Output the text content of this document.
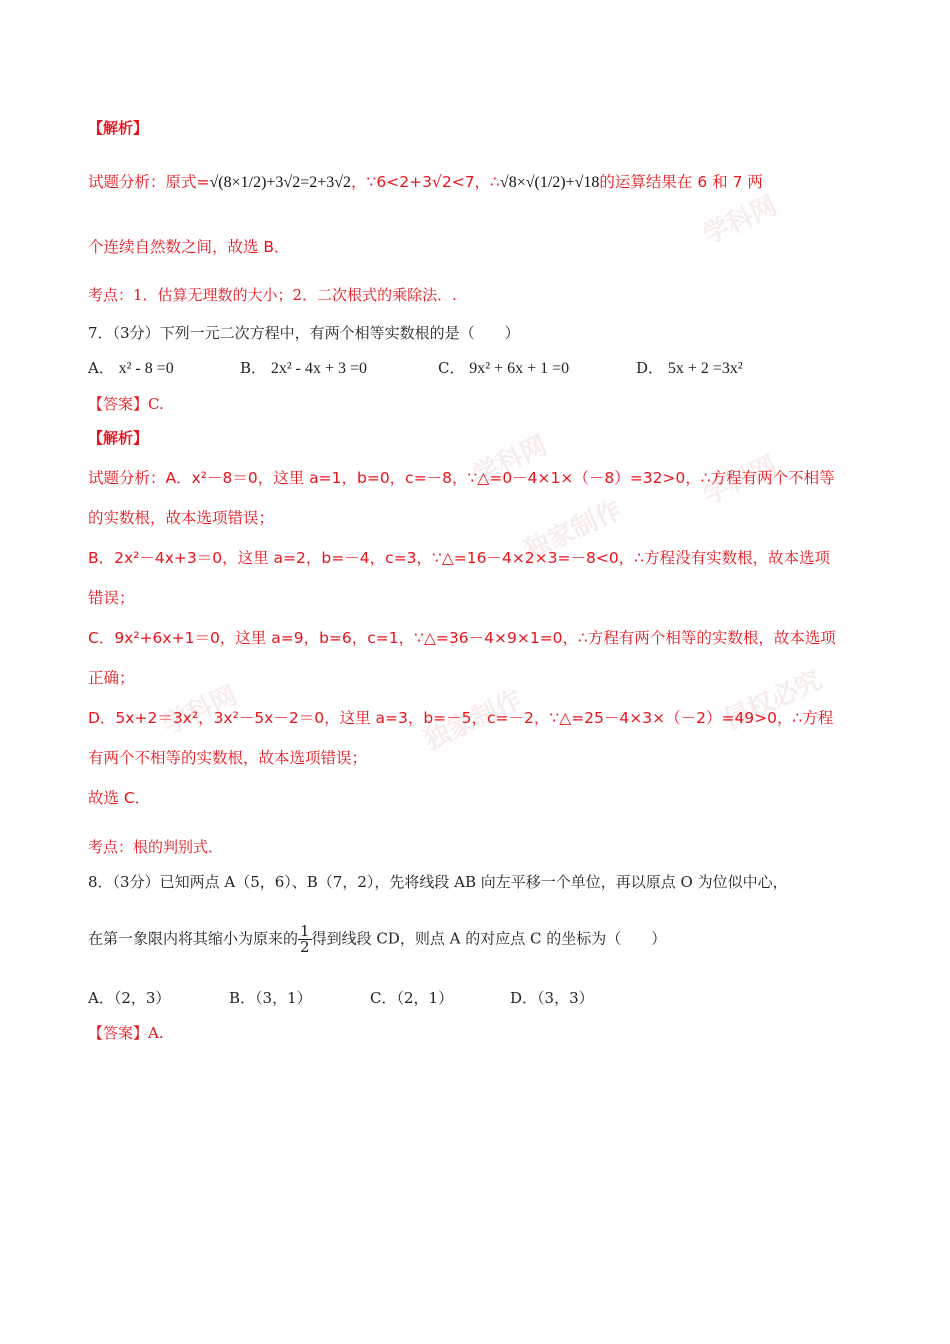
学科网
学科网
独家制作
学科网
学科网	独家制作	侵权必究
【解析】
试题分析：原式=√(8×1/2)+3√2=2+3√2，∵6<2+3√2<7，∴√8×√(1/2)+√18的运算结果在 6 和 7 两
个连续自然数之间，故选 B．
考点：1．估算无理数的大小；2．二次根式的乘除法．.
7．（3分）下列一元二次方程中，有两个相等实数根的是（　　）
A． x² - 8 =0	B． 2x² - 4x + 3 =0	C． 9x² + 6x + 1 =0	D． 5x + 2 =3x²
【答案】C.
【解析】
试题分析：A．x²－8＝0，这里 a=1，b=0，c=－8，∵△=0－4×1×（－8）=32>0，∴方程有两个不相等
的实数根，故本选项错误；
B．2x²－4x+3＝0，这里 a=2，b=－4，c=3，∵△=16－4×2×3=－8<0，∴方程没有实数根，故本选项
错误；
C．9x²+6x+1＝0，这里 a=9，b=6，c=1，∵△=36－4×9×1=0，∴方程有两个相等的实数根，故本选项
正确；
D．5x+2＝3x²，3x²－5x－2＝0，这里 a=3，b=－5，c=－2，∵△=25－4×3×（－2）=49>0，∴方程
有两个不相等的实数根，故本选项错误；
故选 C．
考点：根的判别式．
8．（3分）已知两点 A（5，6）、B（7，2），先将线段 AB 向左平移一个单位，再以原点 O 为位似中心，
在第一象限内将其缩小为原来的 $\frac{1}{2}$ 得到线段 CD，则点 A 的对应点 C 的坐标为（　　）
A．（2，3）	B．（3，1）	C．（2，1）	D．（3，3）
【答案】A.
